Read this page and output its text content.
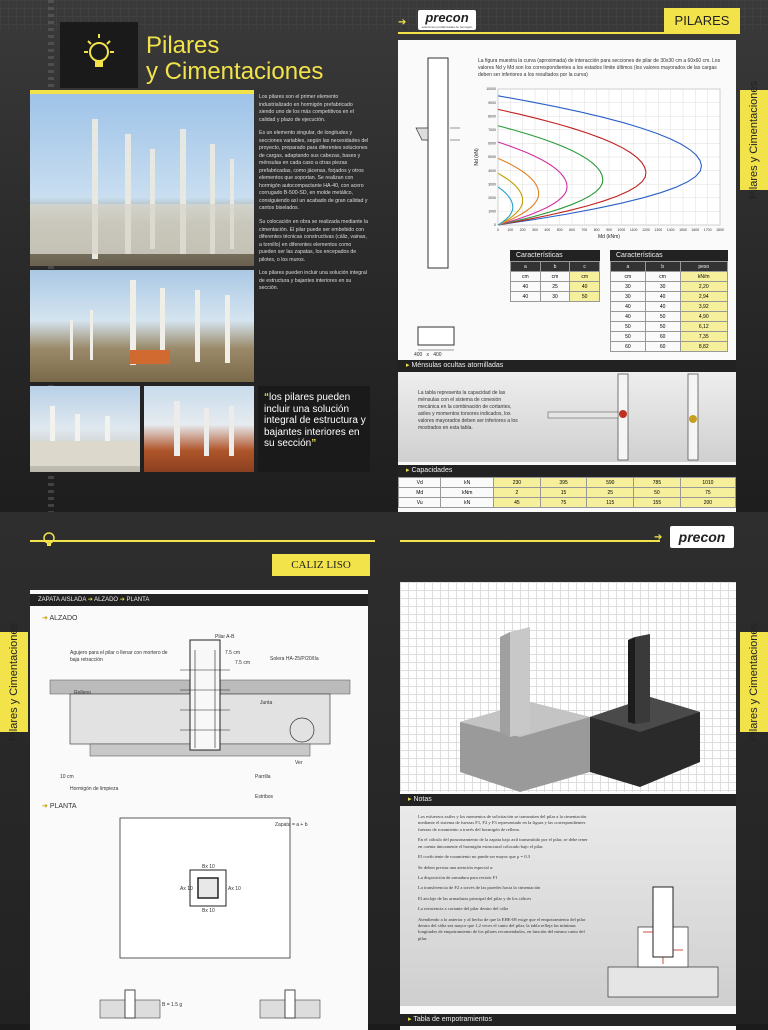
Pilares
y Cimentaciones

Los pilares son el primer elemento industrializado en hormigón prefabricado siendo uno de los más competitivos en el calidad y plazo de ejecución.

Es un elemento singular, de longitudes y secciones variables, según las necesidades del proyecto, preparado para diferentes soluciones de cargas, adaptando sus cabezas, bases y ménsulas en cada caso a otras piezas prefabricadas, como jácenas, forjados y otros elementos que soportan. Se realizan con hormigón autocompactante HA-40, con acero corrugado B-500-SD, en molde metálico, consiguiendo así un acabado de gran calidad y cantos biselados.

Su colocación en obra se realizada mediante la cimentación. El pilar puede ser embebido con diferentes técnicas constructivas (cáliz, vainas, a tornillo) en diferentes elementos como pueden ser las zapatas, los encepados de pilotes, o los muros.

Los pilares pueden incluir una solución integral de estructura y bajantes interiores en su sección.

“los pilares pueden incluir una solución integral de estructura y bajantes interiores en su sección”
➔	precon
soluciones prefabricadas de hormigón	PILARES
Pilares y Cimentaciones
La figura muestra la curva (aproximada) de interacción para secciones de pilar de 30x30 cm a 60x60 cm. Los valores Nd y Md son los correspondientes a los estados límite últimos (los valores mayorados de las cargas deben ser inferiores a los resultados por la curva)
0 100 200 300 400 500 600 700 800 900 1000 1100 1200 1300 1400 1500 1600 1700 1800
0
1000
2000
3000
4000
5000
6000
7000
8000
9000
10000
Md (kNm)
Nd (kN)
Características
a	b	c
cm	cm	cm
40	25	40
40	30	50
Características
a	b	peso
cm	cm	kN/m
30	30	2,20
30	40	2,94
40	40	3,92
40	50	4,90
50	50	6,12
50	60	7,35
60	60	8,82
400   x   400
▸ Ménsulas ocultas atornilladas
La tabla representa la capacidad de las ménsulas con el sistema de conexión mecánica en la combinación de cortantes, axiles y momentos torsores indicados, los valores mayorados deben ser inferiores a los mostrados en esta tabla.
▸ Capacidades
Vd	kN	230	395	590	785	1010
Md	kNm	2	15	25	50	75
Vu	kN	45	75	115	155	200
CALIZ LISO
Pilares y Cimentaciones
ZAPATA AISLADA ➔ ALZADO ➔ PLANTA
➔ ALZADO
Pilar A-B
Agujero para el pilar o llenar con mortero de baja retracción	Solera HA-25/P/20/IIa
Relleno
7.5 cm
7.5 cm
Junta
Ver
10 cm
Hormigón de limpieza
Parrilla
Estribos
➔ PLANTA
Zapata = a + b
Bx 10
Ax 10	Ax 10
Bx 10
B = 1.5 g
➔	precon
Pilares y Cimentaciones
▸ Notas

Los esfuerzos axiles y los momentos de solicitación se transmiten del pilar a la cimentación mediante el sistema de fuerzas F1, F2 y F3 representado en la figura y las correspondientes fuerzas de rozamiento a través del hormigón de relleno.

En el cálculo del punzonamiento de la zapata bajo axil transmitido por el pilar, se debe tener en cuenta únicamente el hormigón estructural colocado bajo el pilar.

El coeficiente de rozamiento no puede ser mayor que μ = 0.3

Se deben prestar una atención especial a:

La disposición de armadura para resistir F1

La transferencia de F2 a través de las paredes hacia la cimentación

El anclaje de las armaduras principal del pilar y de los cálices

La resistencia a cortante del pilar dentro del cáliz

Atendiendo a lo anterior y al hecho de que la EHE-08 exige que el empotramiento del pilar dentro del cáliz sea mayor que 1,2 veces el canto del pilar, la tabla refleja las mínimas longitudes de empotramiento de los pilares recomendados, en función del mismo canto del pilar.

▸ Tabla de empotramientos
